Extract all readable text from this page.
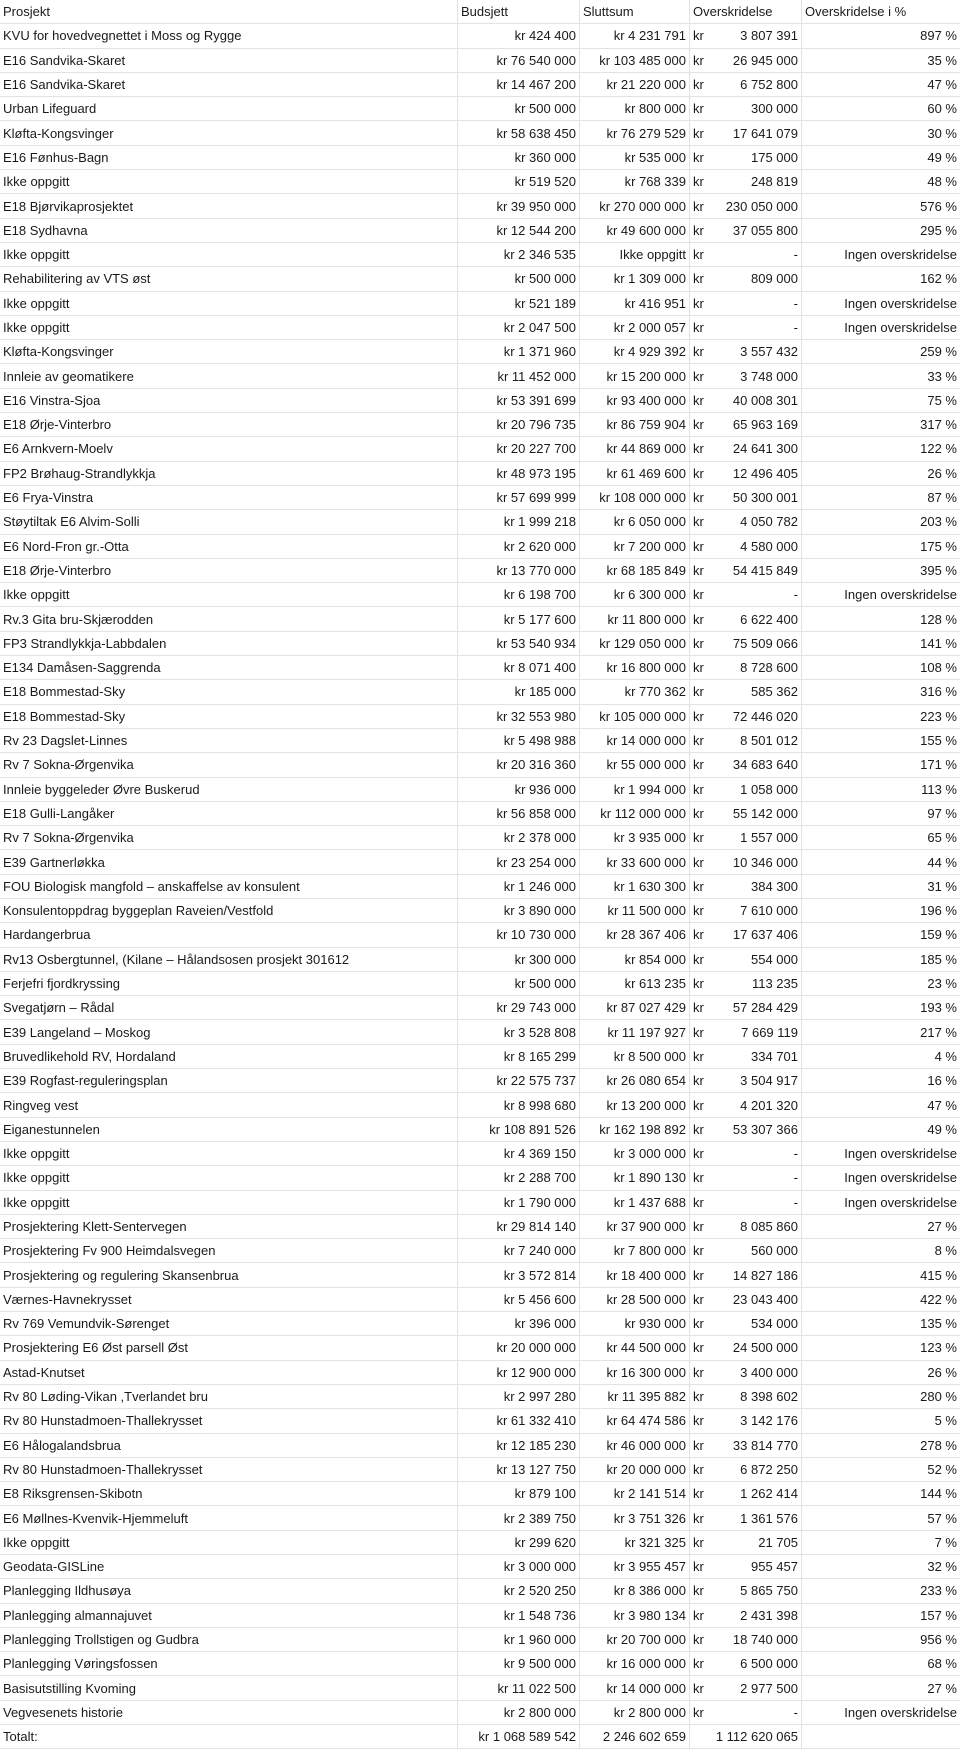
Prosjekt	Budsjett	Sluttsum	Overskridelse	Overskridelse i %
KVU for hovedvegnettet i Moss og Rygge	kr 424 400	kr 4 231 791 kr	3 807 391	897 %
E16 Sandvika-Skaret	kr 76 540 000	kr 103 485 000 kr	26 945 000	35 %
E16 Sandvika-Skaret	kr 14 467 200	kr 21 220 000 kr	6 752 800	47 %
Urban Lifeguard	kr 500 000	kr 800 000 kr	300 000	60 %
Kløfta-Kongsvinger	kr 58 638 450	kr 76 279 529 kr	17 641 079	30 %
E16 Fønhus-Bagn	kr 360 000	kr 535 000 kr	175 000	49 %
Ikke oppgitt	kr 519 520	kr 768 339 kr	248 819	48 %
E18 Bjørvikaprosjektet	kr 39 950 000	kr 270 000 000 kr	230 050 000	576 %
E18 Sydhavna	kr 12 544 200	kr 49 600 000 kr	37 055 800	295 %
Ikke oppgitt	kr 2 346 535	Ikke oppgitt kr	-	Ingen overskridelse
Rehabilitering av VTS øst	kr 500 000	kr 1 309 000 kr	809 000	162 %
Ikke oppgitt	kr 521 189	kr 416 951 kr	-	Ingen overskridelse
Ikke oppgitt	kr 2 047 500	kr 2 000 057 kr	-	Ingen overskridelse
Kløfta-Kongsvinger	kr 1 371 960	kr 4 929 392 kr	3 557 432	259 %
Innleie av geomatikere	kr 11 452 000	kr 15 200 000 kr	3 748 000	33 %
E16 Vinstra-Sjoa	kr 53 391 699	kr 93 400 000 kr	40 008 301	75 %
E18 Ørje-Vinterbro	kr 20 796 735	kr 86 759 904 kr	65 963 169	317 %
E6 Arnkvern-Moelv	kr 20 227 700	kr 44 869 000 kr	24 641 300	122 %
FP2 Brøhaug-Strandlykkja	kr 48 973 195	kr 61 469 600 kr	12 496 405	26 %
E6 Frya-Vinstra	kr 57 699 999	kr 108 000 000 kr	50 300 001	87 %
Støytiltak E6 Alvim-Solli	kr 1 999 218	kr 6 050 000 kr	4 050 782	203 %
E6 Nord-Fron gr.-Otta	kr 2 620 000	kr 7 200 000 kr	4 580 000	175 %
E18 Ørje-Vinterbro	kr 13 770 000	kr 68 185 849 kr	54 415 849	395 %
Ikke oppgitt	kr 6 198 700	kr 6 300 000 kr	-	Ingen overskridelse
Rv.3 Gita bru-Skjærodden	kr 5 177 600	kr 11 800 000 kr	6 622 400	128 %
FP3 Strandlykkja-Labbdalen	kr 53 540 934	kr 129 050 000 kr	75 509 066	141 %
E134 Damåsen-Saggrenda	kr 8 071 400	kr 16 800 000 kr	8 728 600	108 %
E18 Bommestad-Sky	kr 185 000	kr 770 362 kr	585 362	316 %
E18 Bommestad-Sky	kr 32 553 980	kr 105 000 000 kr	72 446 020	223 %
Rv 23 Dagslet-Linnes	kr 5 498 988	kr 14 000 000 kr	8 501 012	155 %
Rv 7 Sokna-Ørgenvika	kr 20 316 360	kr 55 000 000 kr	34 683 640	171 %
Innleie byggeleder Øvre Buskerud	kr 936 000	kr 1 994 000 kr	1 058 000	113 %
E18 Gulli-Langåker	kr 56 858 000	kr 112 000 000 kr	55 142 000	97 %
Rv 7 Sokna-Ørgenvika	kr 2 378 000	kr 3 935 000 kr	1 557 000	65 %
E39 Gartnerløkka	kr 23 254 000	kr 33 600 000 kr	10 346 000	44 %
FOU Biologisk mangfold – anskaffelse av konsulent	kr 1 246 000	kr 1 630 300 kr	384 300	31 %
Konsulentoppdrag byggeplan Raveien/Vestfold	kr 3 890 000	kr 11 500 000 kr	7 610 000	196 %
Hardangerbrua	kr 10 730 000	kr 28 367 406 kr	17 637 406	159 %
Rv13 Osbergtunnel, (Kilane – Hålandsosen prosjekt 301612	kr 300 000	kr 854 000 kr	554 000	185 %
Ferjefri fjordkryssing	kr 500 000	kr 613 235 kr	113 235	23 %
Svegatjørn – Rådal	kr 29 743 000	kr 87 027 429 kr	57 284 429	193 %
E39 Langeland – Moskog	kr 3 528 808	kr 11 197 927 kr	7 669 119	217 %
Bruvedlikehold RV, Hordaland	kr 8 165 299	kr 8 500 000 kr	334 701	4 %
E39 Rogfast-reguleringsplan	kr 22 575 737	kr 26 080 654 kr	3 504 917	16 %
Ringveg vest	kr 8 998 680	kr 13 200 000 kr	4 201 320	47 %
Eiganestunnelen	kr 108 891 526	kr 162 198 892 kr	53 307 366	49 %
Ikke oppgitt	kr 4 369 150	kr 3 000 000 kr	-	Ingen overskridelse
Ikke oppgitt	kr 2 288 700	kr 1 890 130 kr	-	Ingen overskridelse
Ikke oppgitt	kr 1 790 000	kr 1 437 688 kr	-	Ingen overskridelse
Prosjektering Klett-Sentervegen	kr 29 814 140	kr 37 900 000 kr	8 085 860	27 %
Prosjektering Fv 900 Heimdalsvegen	kr 7 240 000	kr 7 800 000 kr	560 000	8 %
Prosjektering og regulering Skansenbrua	kr 3 572 814	kr 18 400 000 kr	14 827 186	415 %
Værnes-Havnekrysset	kr 5 456 600	kr 28 500 000 kr	23 043 400	422 %
Rv 769 Vemundvik-Sørenget	kr 396 000	kr 930 000 kr	534 000	135 %
Prosjektering E6 Øst parsell Øst	kr 20 000 000	kr 44 500 000 kr	24 500 000	123 %
Astad-Knutset	kr 12 900 000	kr 16 300 000 kr	3 400 000	26 %
Rv 80 Løding-Vikan ,Tverlandet bru	kr 2 997 280	kr 11 395 882 kr	8 398 602	280 %
Rv 80 Hunstadmoen-Thallekrysset	kr 61 332 410	kr 64 474 586 kr	3 142 176	5 %
E6 Hålogalandsbrua	kr 12 185 230	kr 46 000 000 kr	33 814 770	278 %
Rv 80 Hunstadmoen-Thallekrysset	kr 13 127 750	kr 20 000 000 kr	6 872 250	52 %
E8 Riksgrensen-Skibotn	kr 879 100	kr 2 141 514 kr	1 262 414	144 %
E6 Møllnes-Kvenvik-Hjemmeluft	kr 2 389 750	kr 3 751 326 kr	1 361 576	57 %
Ikke oppgitt	kr 299 620	kr 321 325 kr	21 705	7 %
Geodata-GISLine	kr 3 000 000	kr 3 955 457 kr	955 457	32 %
Planlegging Ildhusøya	kr 2 520 250	kr 8 386 000 kr	5 865 750	233 %
Planlegging almannajuvet	kr 1 548 736	kr 3 980 134 kr	2 431 398	157 %
Planlegging Trollstigen og Gudbra	kr 1 960 000	kr 20 700 000 kr	18 740 000	956 %
Planlegging Vøringsfossen	kr 9 500 000	kr 16 000 000 kr	6 500 000	68 %
Basisutstilling Kvoming	kr 11 022 500	kr 14 000 000 kr	2 977 500	27 %
Vegvesenets historie	kr 2 800 000	kr 2 800 000 kr	-	Ingen overskridelse
Totalt:	kr 1 068 589 542	2 246 602 659	1 112 620 065
